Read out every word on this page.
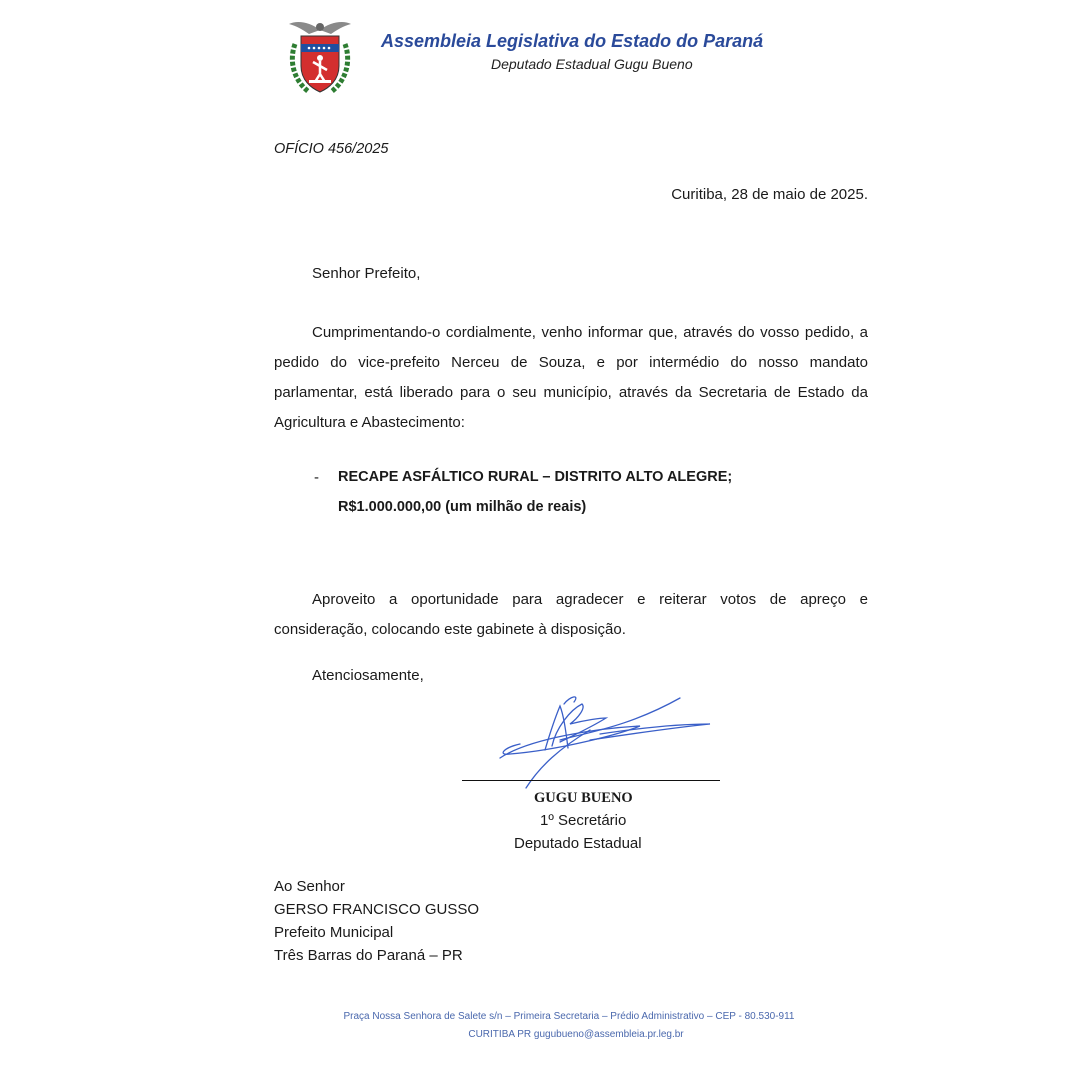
Assembleia Legislativa do Estado do Paraná
Deputado Estadual Gugu Bueno
OFÍCIO 456/2025
Curitiba, 28 de maio de 2025.
Senhor Prefeito,

Cumprimentando-o cordialmente, venho informar que, através do vosso pedido, a pedido do vice-prefeito Nerceu de Souza, e por intermédio do nosso mandato parlamentar, está liberado para o seu município, através da Secretaria de Estado da Agricultura e Abastecimento:

- RECAPE ASFÁLTICO RURAL – DISTRITO ALTO ALEGRE;
R$1.000.000,00 (um milhão de reais)

Aproveito a oportunidade para agradecer e reiterar votos de apreço e consideração, colocando este gabinete à disposição.

Atenciosamente,
GUGU BUENO
1º Secretário
Deputado Estadual
Ao Senhor
GERSO FRANCISCO GUSSO
Prefeito Municipal
Três Barras do Paraná – PR
Praça Nossa Senhora de Salete s/n – Primeira Secretaria – Prédio Administrativo – CEP - 80.530-911
CURITIBA PR gugubueno@assembleia.pr.leg.br
